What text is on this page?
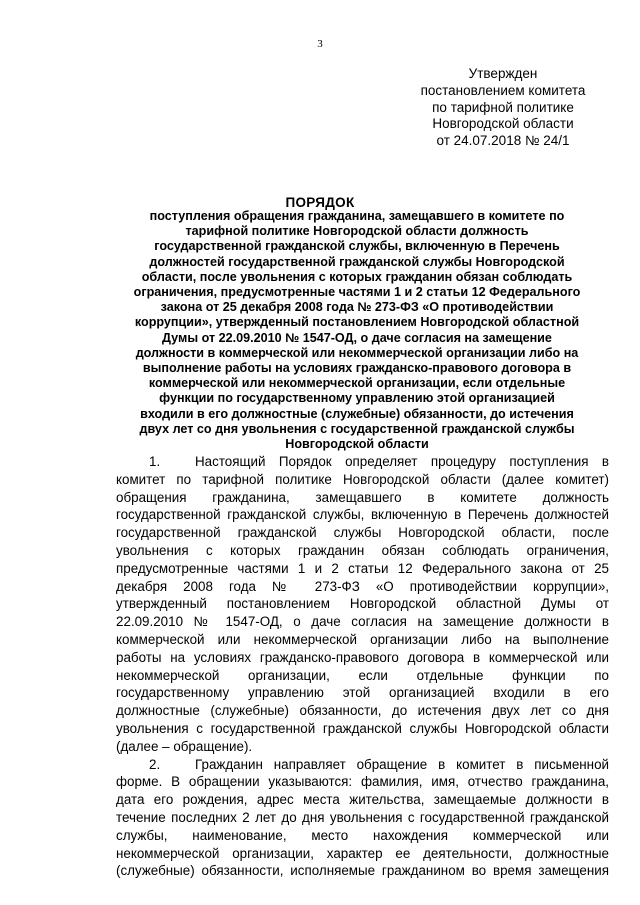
3
Утвержден
постановлением комитета
по тарифной политике
Новгородской области
от 24.07.2018 № 24/1
ПОРЯДОК
поступления обращения гражданина, замещавшего в комитете по
тарифной политике Новгородской области должность
государственной гражданской службы, включенную в Перечень
должностей государственной гражданской службы Новгородской
области, после увольнения с которых гражданин обязан соблюдать
ограничения, предусмотренные частями 1 и 2 статьи 12 Федерального
закона от 25 декабря 2008 года № 273-ФЗ «О противодействии
коррупции», утвержденный постановлением Новгородской областной
Думы от 22.09.2010 № 1547-ОД, о даче согласия на замещение
должности в коммерческой или некоммерческой организации либо на
выполнение работы на условиях гражданско-правового договора в
коммерческой или некоммерческой организации, если отдельные
функции по государственному управлению этой организацией
входили в его должностные (служебные) обязанности, до истечения
двух лет со дня увольнения с государственной гражданской службы
Новгородской области
1.	Настоящий Порядок определяет процедуру поступления в
комитет по тарифной политике Новгородской области (далее комитет)
обращения гражданина, замещавшего в комитете должность
государственной гражданской службы, включенную в Перечень должностей
государственной гражданской службы Новгородской области, после
увольнения с которых гражданин обязан соблюдать ограничения,
предусмотренные частями 1 и 2 статьи 12 Федерального закона от 25
декабря 2008 года № 273-ФЗ «О противодействии коррупции»,
утвержденный постановлением Новгородской областной Думы от
22.09.2010 № 1547-ОД, о даче согласия на замещение должности в
коммерческой или некоммерческой организации либо на выполнение
работы на условиях гражданско-правового договора в коммерческой или
некоммерческой организации, если отдельные функции по
государственному управлению этой организацией входили в его
должностные (служебные) обязанности, до истечения двух лет со дня
увольнения с государственной гражданской службы Новгородской области
(далее – обращение).
2.	Гражданин направляет обращение в комитет в письменной
форме. В обращении указываются: фамилия, имя, отчество гражданина,
дата его рождения, адрес места жительства, замещаемые должности в
течение последних 2 лет до дня увольнения с государственной гражданской
службы, наименование, место нахождения коммерческой или
некоммерческой организации, характер ее деятельности, должностные
(служебные) обязанности, исполняемые гражданином во время замещения
